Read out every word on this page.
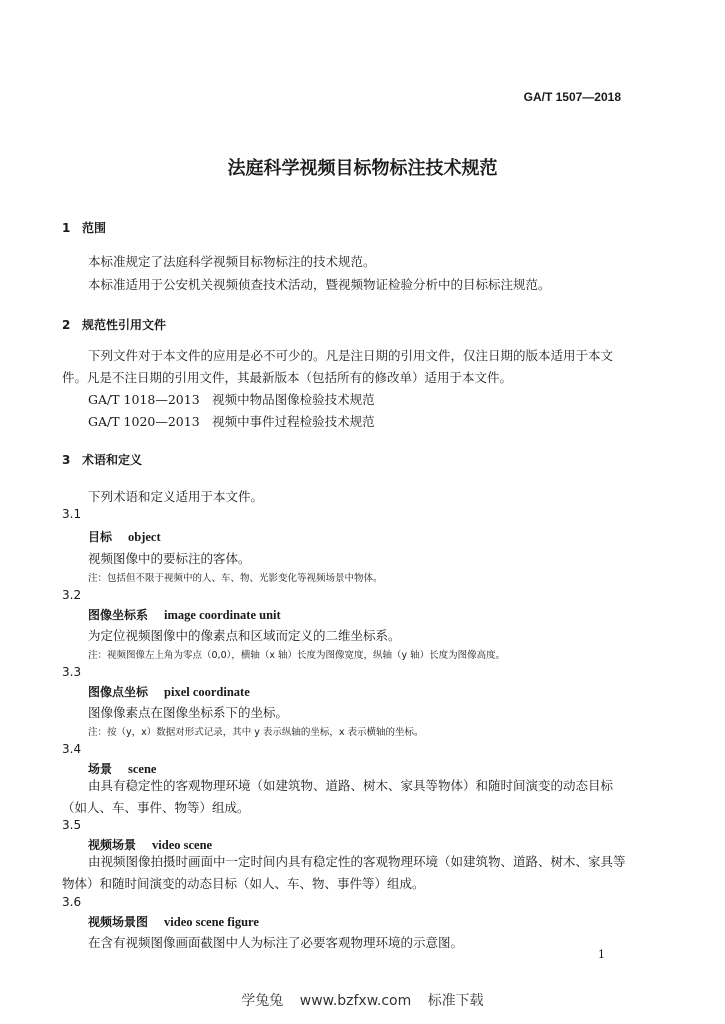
GA/T 1507—2018
法庭科学视频目标物标注技术规范
1 范围
本标准规定了法庭科学视频目标物标注的技术规范。
本标准适用于公安机关视频侦查技术活动，暨视频物证检验分析中的目标标注规范。
2 规范性引用文件
下列文件对于本文件的应用是必不可少的。凡是注日期的引用文件，仅注日期的版本适用于本文件。凡是不注日期的引用文件，其最新版本（包括所有的修改单）适用于本文件。
GA/T 1018—2013　视频中物品图像检验技术规范
GA/T 1020—2013　视频中事件过程检验技术规范
3 术语和定义
下列术语和定义适用于本文件。
3.1
目标 object
视频图像中的要标注的客体。
注：包括但不限于视频中的人、车、物、光影变化等视频场景中物体。
3.2
图像坐标系 image coordinate unit
为定位视频图像中的像素点和区域而定义的二维坐标系。
注：视频图像左上角为零点（0,0），横轴（x 轴）长度为图像宽度，纵轴（y 轴）长度为图像高度。
3.3
图像点坐标 pixel coordinate
图像像素点在图像坐标系下的坐标。
注：按（y，x）数据对形式记录，其中 y 表示纵轴的坐标，x 表示横轴的坐标。
3.4
场景 scene
由具有稳定性的客观物理环境（如建筑物、道路、树木、家具等物体）和随时间演变的动态目标（如人、车、事件、物等）组成。
3.5
视频场景 video scene
由视频图像拍摄时画面中一定时间内具有稳定性的客观物理环境（如建筑物、道路、树木、家具等物体）和随时间演变的动态目标（如人、车、物、事件等）组成。
3.6
视频场景图 video scene figure
在含有视频图像画面截图中人为标注了必要客观物理环境的示意图。
1
学兔兔 www.bzfxw.com 标准下载
